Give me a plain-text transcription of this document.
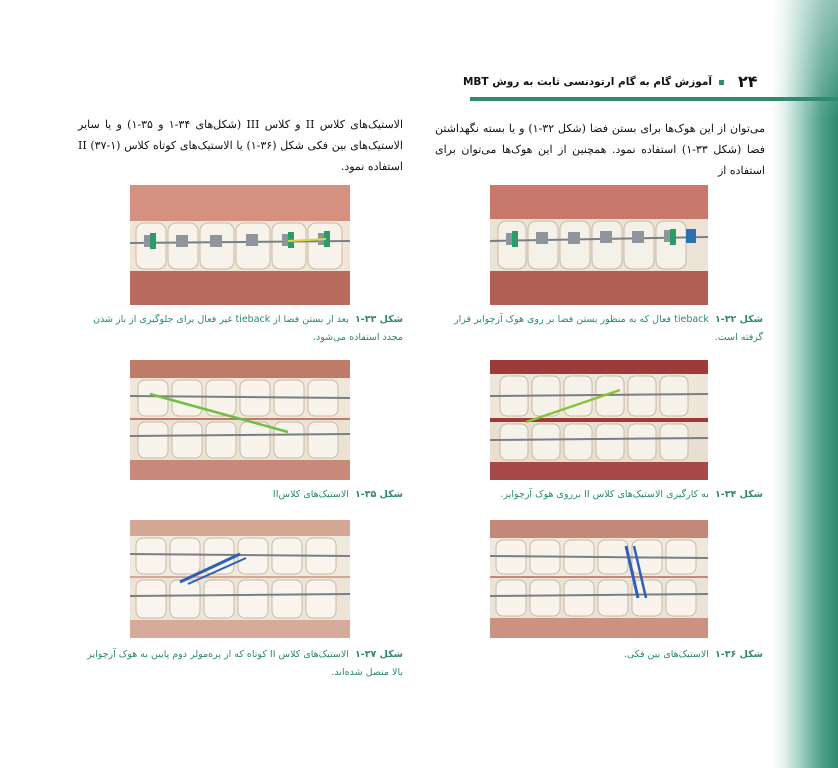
۲۴
آموزش گام به گام ارتودنسی ثابت به روش MBT
می‌توان از این هوک‌ها برای بستن فضا (شکل ۳۲-۱) و یا بسته نگهداشتن فضا (شکل ۳۳-۱) استفاده نمود. همچنین از این هوک‌ها می‌توان برای استفاده از
الاستیک‌های کلاس II و کلاس III (شکل‌های ۳۴-۱ و ۳۵-۱) و یا سایر الاستیک‌های بین فکی شکل (۳۶-۱) یا الاستیک‌های کوتاه کلاس II (۳۷-۱) استفاده نمود.
شکل ۳۲-۱  tieback فعال که به منظور بستن فضا بر روی هوک آرچوایر قرار گرفته است.
شکل ۳۳-۱  بعد از بستن فضا از tieback غیر فعال برای جلوگیری از باز شدن مجدد استفاده می‌شود.
شکل ۳۴-۱  به کارگیری الاستیک‌های کلاس II برروی هوک آرچوایر.
شکل ۳۵-۱  الاستیک‌های کلاسII
شکل ۳۶-۱  الاستیک‌های بین فکی.
شکل ۳۷-۱  الاستیک‌های کلاس II کوتاه که از پره‌مولر دوم پایین به هوک آرچوایر بالا متصل شده‌اند.
